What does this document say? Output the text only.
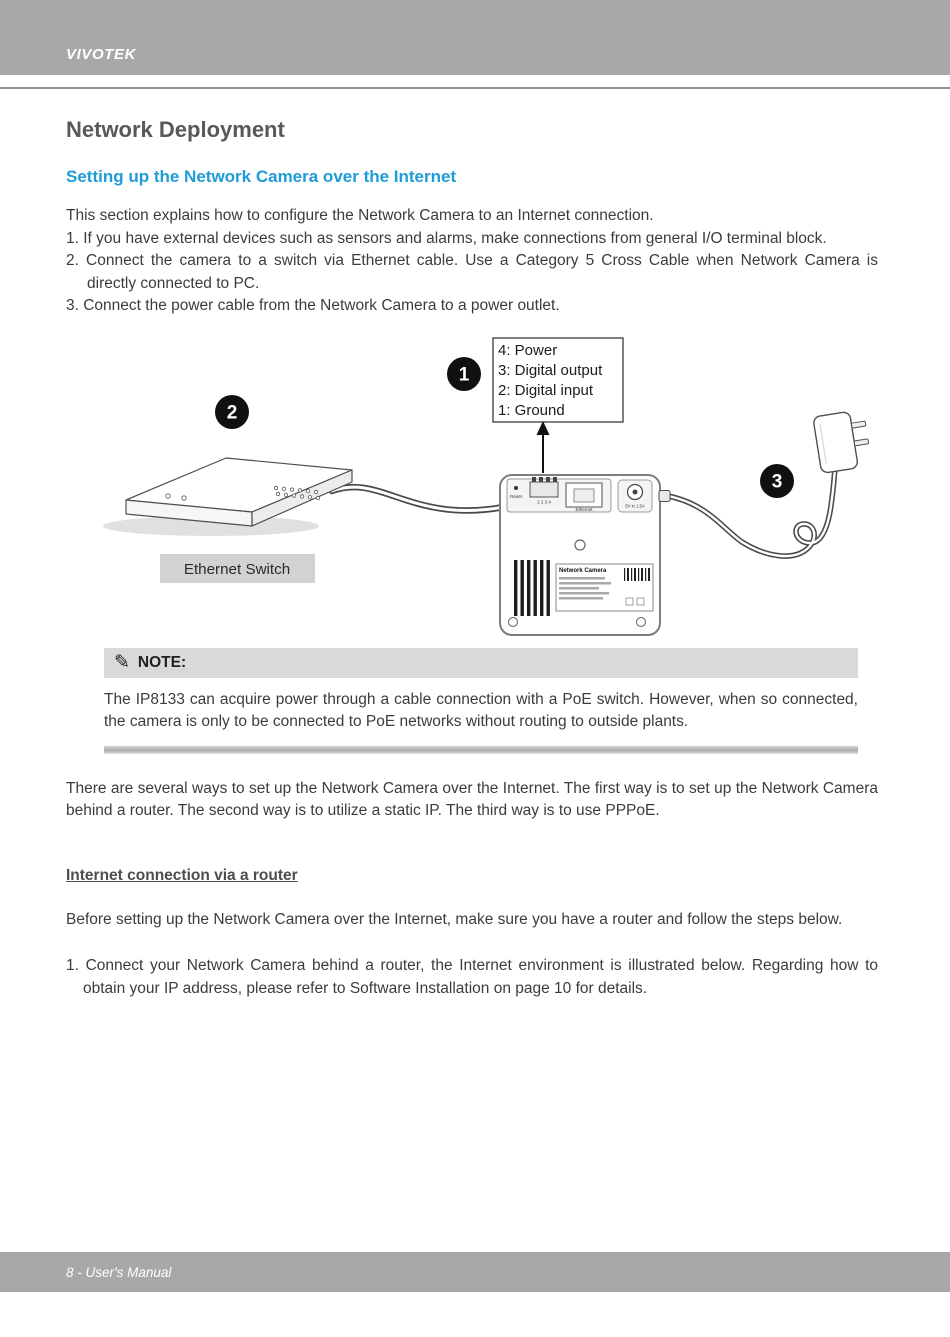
VIVOTEK
Network Deployment
Setting up the Network Camera over the Internet

This section explains how to configure the Network Camera to an Internet connection.

1. If you have external devices such as sensors and alarms, make connections from general I/O terminal block.

2. Connect the camera to a switch via Ethernet cable. Use a Category 5 Cross Cable when Network Camera is directly connected to PC.

3. Connect the power cable from the Network Camera to a power outlet.

1 2 3 4
Reset
Ethernet
5V in 1.5A
Network Camera
4: Power
3: Digital output
2: Digital input
1: Ground
1
2
3
Ethernet Switch
✎ NOTE:

The IP8133 can acquire power through a cable connection with a PoE switch. However, when so connected, the camera is only to be connected to PoE networks without routing to outside plants.

There are several ways to set up the Network Camera over the Internet. The first way is to set up the Network Camera behind a router. The second way is to utilize a static IP. The third way is to use PPPoE.

Internet connection via a router

Before setting up the Network Camera over the Internet, make sure you have a router and follow the steps below.

1. Connect your Network Camera behind a router, the Internet environment is illustrated below. Regarding how to obtain your IP address, please refer to Software Installation on page 10 for details.

8 - User's Manual
